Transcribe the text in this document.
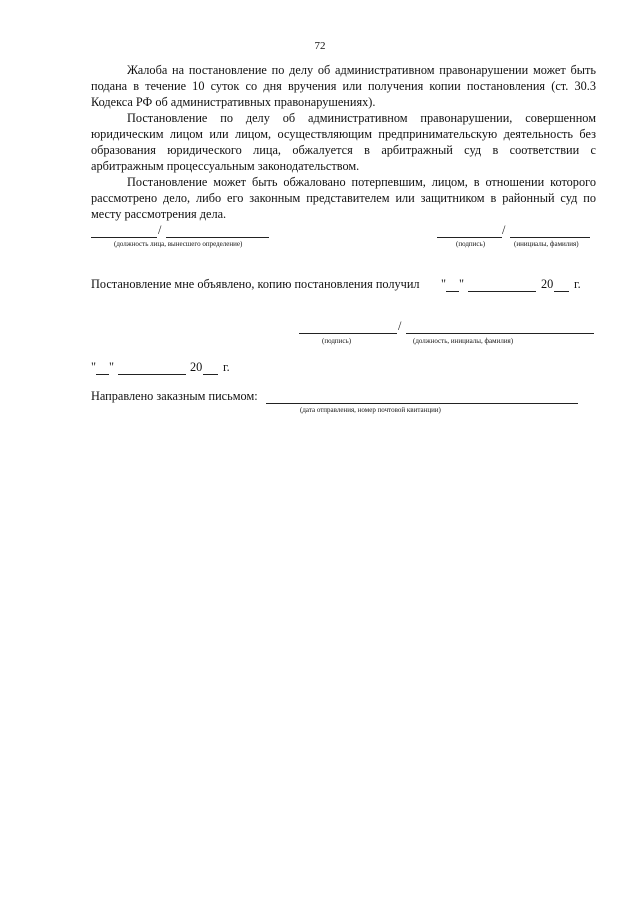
72

Жалоба на постановление по делу об административном правонарушении может быть подана в течение 10 суток со дня вручения или получения копии постановления (ст. 30.3 Кодекса РФ об административных правонарушениях).

Постановление по делу об административном правонарушении, совершенном юридическим лицом или лицом, осуществляющим предпринимательскую деятельность без образования юридического лица, обжалуется в арбитражный суд в соответствии с арбитражным процессуальным законодательством.

Постановление может быть обжаловано потерпевшим, лицом, в отношении которого рассмотрено дело, либо его законным представителем или защитником в районный суд по месту рассмотрения дела.

/
(должность лица, вынесшего определение)
/
(подпись)	(инициалы, фамилия)
Постановление мне объявлено, копию постановления получил " "	20 г.
/
(подпись)	(должность, инициалы, фамилия)
" "	20 г.
Направлено заказным письмом:
(дата отправления, номер почтовой квитанции)
